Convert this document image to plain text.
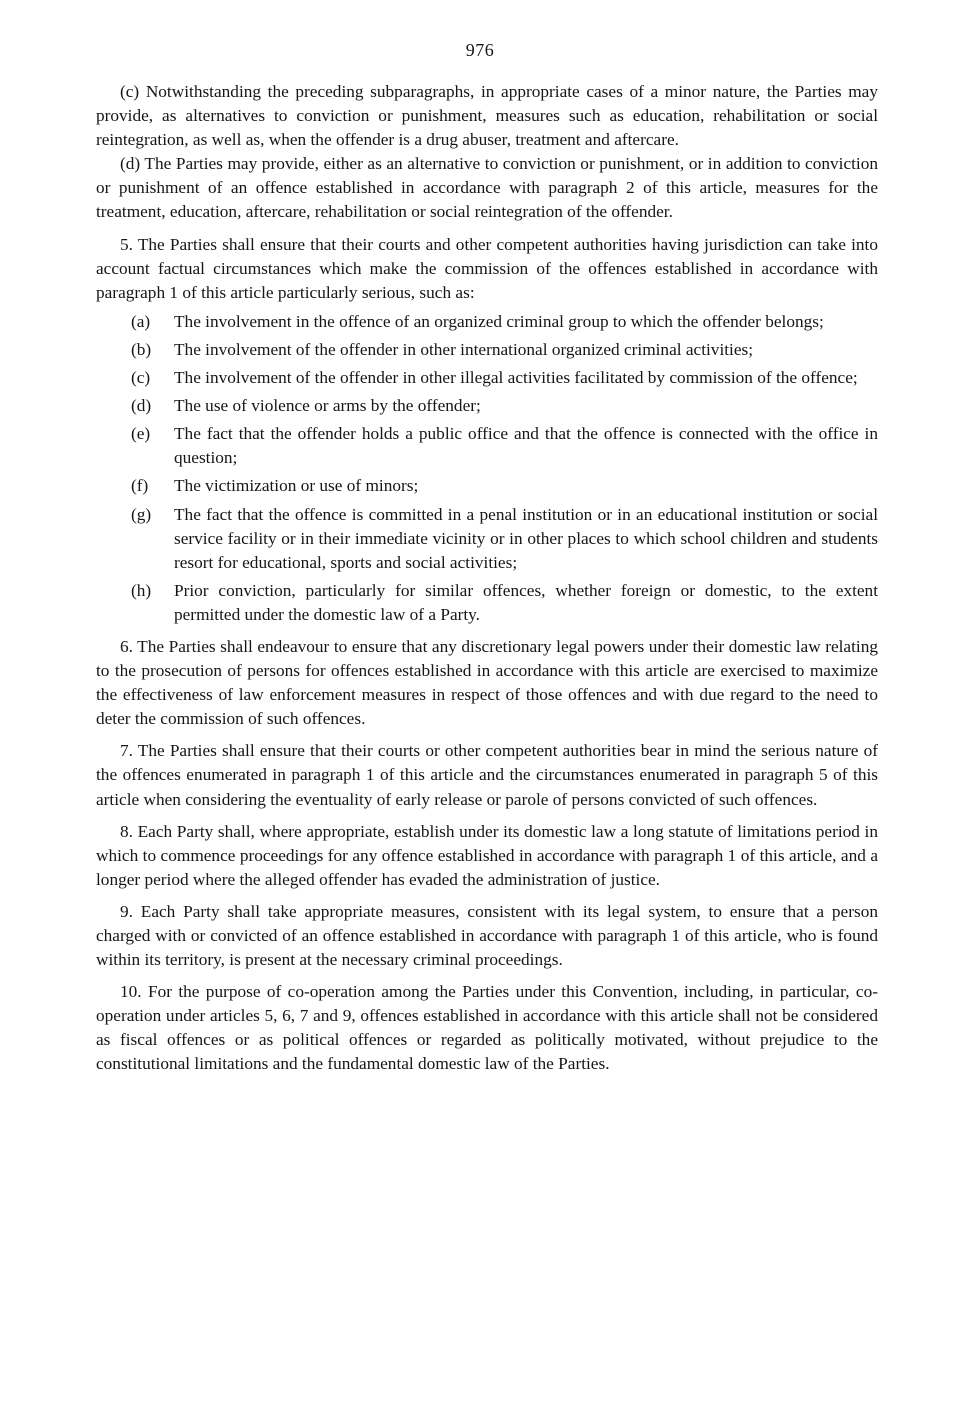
976

(c) Notwithstanding the preceding subparagraphs, in appropriate cases of a minor nature, the Parties may provide, as alternatives to conviction or punishment, measures such as education, rehabilitation or social reintegration, as well as, when the offender is a drug abuser, treatment and aftercare.

(d) The Parties may provide, either as an alternative to conviction or punishment, or in addition to conviction or punishment of an offence established in accordance with paragraph 2 of this article, measures for the treatment, education, aftercare, rehabilitation or social reintegration of the offender.

5. The Parties shall ensure that their courts and other competent authorities having jurisdiction can take into account factual circumstances which make the commission of the offences established in accordance with paragraph 1 of this article particularly serious, such as:

(a)	The involvement in the offence of an organized criminal group to which the offender belongs;
(b)	The involvement of the offender in other international organized criminal activities;
(c)	The involvement of the offender in other illegal activities facilitated by commission of the offence;
(d)	The use of violence or arms by the offender;
(e)	The fact that the offender holds a public office and that the offence is connected with the office in question;
(f)	The victimization or use of minors;
(g)	The fact that the offence is committed in a penal institution or in an educational institution or social service facility or in their immediate vicinity or in other places to which school children and students resort for educational, sports and social activities;
(h)	Prior conviction, particularly for similar offences, whether foreign or domestic, to the extent permitted under the domestic law of a Party.

6. The Parties shall endeavour to ensure that any discretionary legal powers under their domestic law relating to the prosecution of persons for offences established in accordance with this article are exercised to maximize the effectiveness of law enforcement measures in respect of those offences and with due regard to the need to deter the commission of such offences.

7. The Parties shall ensure that their courts or other competent authorities bear in mind the serious nature of the offences enumerated in paragraph 1 of this article and the circumstances enumerated in paragraph 5 of this article when considering the eventuality of early release or parole of persons convicted of such offences.

8. Each Party shall, where appropriate, establish under its domestic law a long statute of limitations period in which to commence proceedings for any offence established in accordance with paragraph 1 of this article, and a longer period where the alleged offender has evaded the administration of justice.

9. Each Party shall take appropriate measures, consistent with its legal system, to ensure that a person charged with or convicted of an offence established in accordance with paragraph 1 of this article, who is found within its territory, is present at the necessary criminal proceedings.

10. For the purpose of co-operation among the Parties under this Convention, including, in particular, co-operation under articles 5, 6, 7 and 9, offences established in accordance with this article shall not be considered as fiscal offences or as political offences or regarded as politically motivated, without prejudice to the constitutional limitations and the fundamental domestic law of the Parties.
